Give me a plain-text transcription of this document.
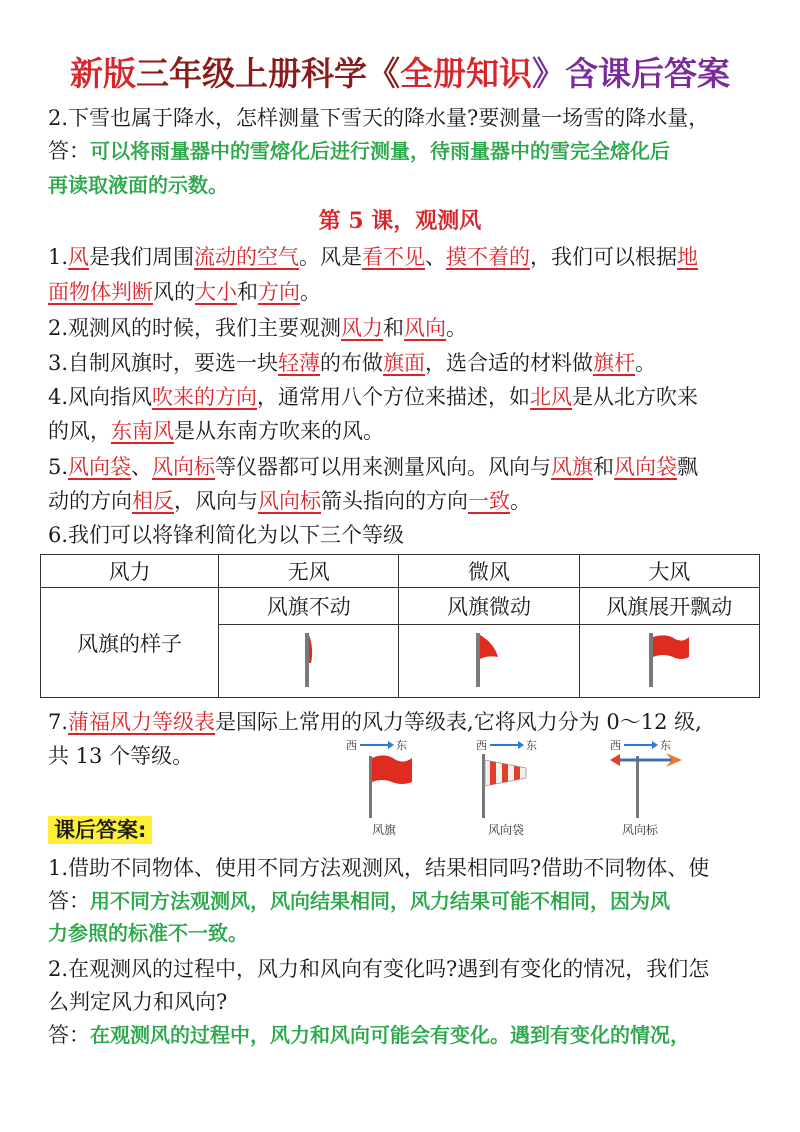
新版三年级上册科学《全册知识》含课后答案
2.下雪也属于降水，怎样测量下雪天的降水量?要测量一场雪的降水量，
答：可以将雨量器中的雪熔化后进行测量，待雨量器中的雪完全熔化后
再读取液面的示数。
第 5 课，观测风
1.风是我们周围流动的空气。风是看不见、摸不着的，我们可以根据地
面物体判断风的大小和方向。
2.观测风的时候，我们主要观测风力和风向。
3.自制风旗时，要选一块轻薄的布做旗面，选合适的材料做旗杆。
4.风向指风吹来的方向，通常用八个方位来描述，如北风是从北方吹来
的风，东南风是从东南方吹来的风。
5.风向袋、风向标等仪器都可以用来测量风向。风向与风旗和风向袋飘
动的方向相反，风向与风向标箭头指向的方向一致。
6.我们可以将锋利简化为以下三个等级
风力	无风	微风	大风
风旗的样子	风旗不动	风旗微动	风旗展开飘动

7.蒲福风力等级表是国际上常用的风力等级表,它将风力分为 0～12 级,
共 13 个等级。	西	东
风旗
西	东
风向袋
西	东
风向标
课后答案:
1.借助不同物体、使用不同方法观测风，结果相同吗?借助不同物体、使
答：用不同方法观测风，风向结果相同，风力结果可能不相同，因为风
力参照的标准不一致。
2.在观测风的过程中，风力和风向有变化吗?遇到有变化的情况，我们怎
么判定风力和风向?
答：在观测风的过程中，风力和风向可能会有变化。遇到有变化的情况，
